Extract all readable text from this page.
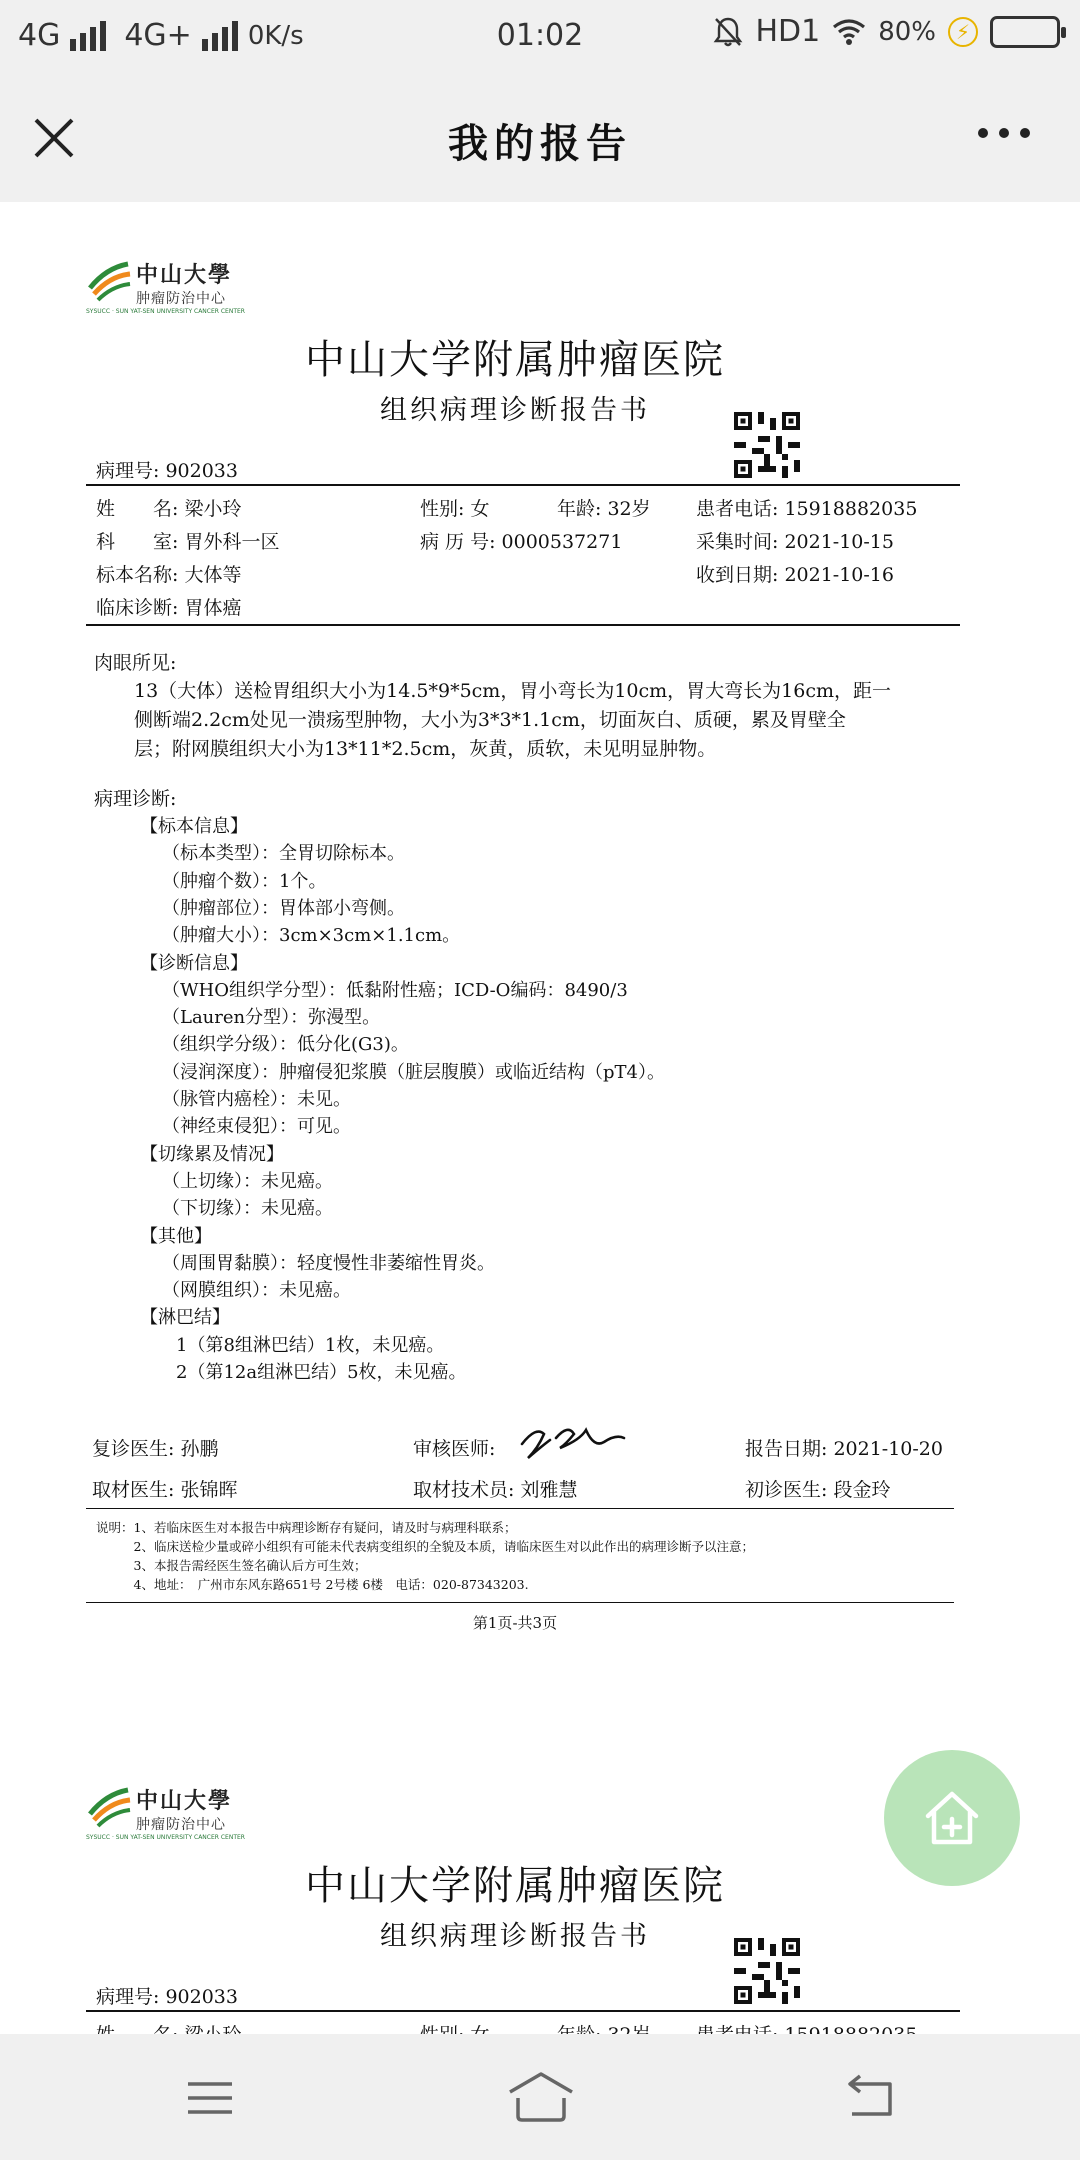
4G 4G+ 0K/s	01:02	HD1 80% ⚡
我的报告
中山大學
肿瘤防治中心
SYSUCC · SUN YAT-SEN UNIVERSITY CANCER CENTER
中山大学附属肿瘤医院
组织病理诊断报告书
病理号: 902033
姓　　名: 梁小玲	性别: 女	年龄: 32岁 患者电话: 15918882035
科　　室: 胃外科一区	病 历 号: 0000537271	采集时间: 2021-10-15
标本名称: 大体等	收到日期: 2021-10-16
临床诊断: 胃体癌
肉眼所见:
13（大体）送检胃组织大小为14.5*9*5cm，胃小弯长为10cm，胃大弯长为16cm，距一
侧断端2.2cm处见一溃疡型肿物，大小为3*3*1.1cm，切面灰白、质硬，累及胃壁全
层；附网膜组织大小为13*11*2.5cm，灰黄，质软，未见明显肿物。
病理诊断:
【标本信息】
（标本类型）：全胃切除标本。
（肿瘤个数）：1个。
（肿瘤部位）：胃体部小弯侧。
（肿瘤大小）：3cm×3cm×1.1cm。
【诊断信息】
（WHO组织学分型）：低黏附性癌；ICD-O编码：8490/3
（Lauren分型）：弥漫型。
（组织学分级）：低分化(G3)。
（浸润深度）：肿瘤侵犯浆膜（脏层腹膜）或临近结构（pT4）。
（脉管内癌栓）：未见。
（神经束侵犯）：可见。
【切缘累及情况】
（上切缘）：未见癌。
（下切缘）：未见癌。
【其他】
（周围胃黏膜）：轻度慢性非萎缩性胃炎。
（网膜组织）：未见癌。
【淋巴结】
1（第8组淋巴结）1枚，未见癌。
2（第12a组淋巴结）5枚，未见癌。
复诊医生: 孙鹏	审核医师:	报告日期: 2021-10-20
取材医生: 张锦晖	取材技术员: 刘雅慧	初诊医生: 段金玲
说明：1、若临床医生对本报告中病理诊断存有疑问，请及时与病理科联系；
　　　2、临床送检少量或碎小组织有可能未代表病变组织的全貌及本质，请临床医生对以此作出的病理诊断予以注意；
　　　3、本报告需经医生签名确认后方可生效；
　　　4、地址：　广州市东风东路651号 2号楼 6楼　电话：020-87343203.
第1页-共3页
中山大學
肿瘤防治中心
SYSUCC · SUN YAT-SEN UNIVERSITY CANCER CENTER
中山大学附属肿瘤医院
组织病理诊断报告书
病理号: 902033
